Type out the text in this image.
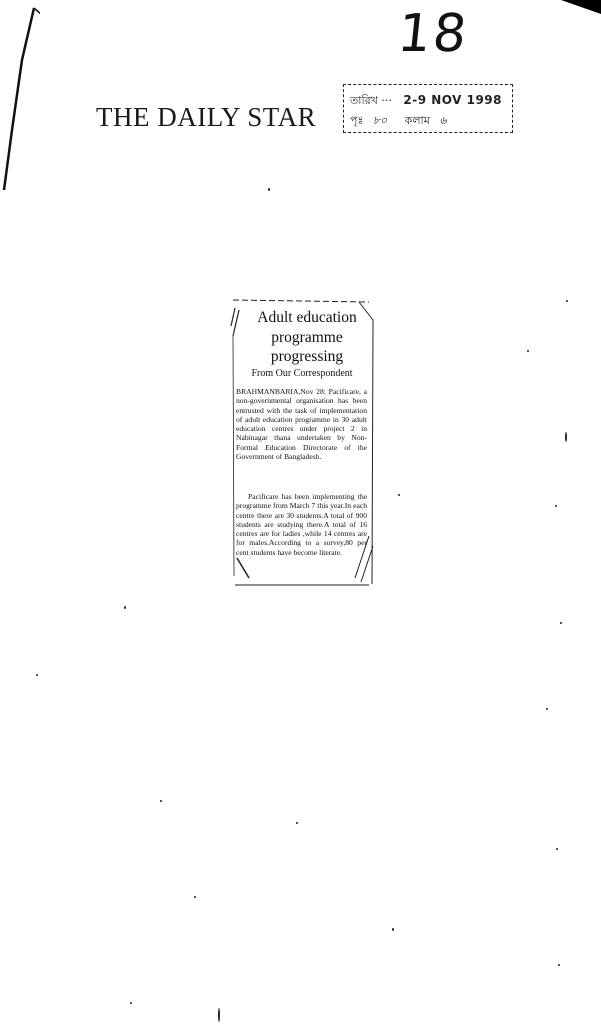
18
THE DAILY STAR
তারিখ ··· 2-9 NOV 1998
পৃঃ ৮০ কলাম ৬
Adult education
programme
progressing
From Our Correspondent
BRAHMANBARIA,Nov 28: Pacificare, a non-governmental organisation has been entrusted with the task of implementation of adult education programme in 30 adult education centres under project 2 in Nabinagar thana undertaken by Non-Formal Education Directorate of the Government of Bangladesh.
Pacificare has been implementing the programme from March 7 this year.In each centre there are 30 students.A total of 900 students are studying there.A total of 16 centres are for ladies ,while 14 centres are for males.According to a survey,80 per cent students have become literate.
